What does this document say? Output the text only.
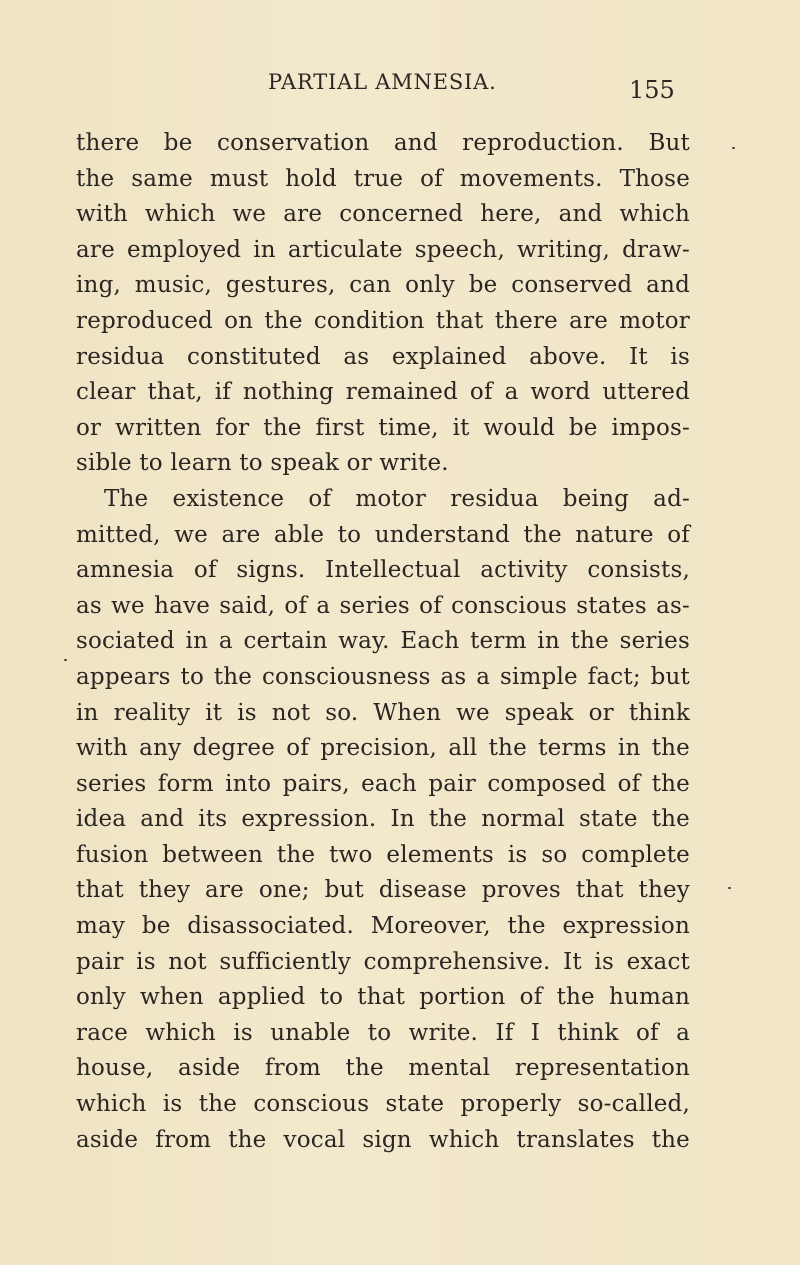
PARTIAL AMNESIA.	155
there be conservation and reproduction. But
the same must hold true of movements. Those
with which we are concerned here, and which
are employed in articulate speech, writing, draw-
ing, music, gestures, can only be conserved and
reproduced on the condition that there are motor
residua constituted as explained above. It is
clear that, if nothing remained of a word uttered
or written for the first time, it would be impos-
sible to learn to speak or write.
The existence of motor residua being ad-
mitted, we are able to understand the nature of
amnesia of signs. Intellectual activity consists,
as we have said, of a series of conscious states as-
sociated in a certain way. Each term in the series
appears to the consciousness as a simple fact; but
in reality it is not so. When we speak or think
with any degree of precision, all the terms in the
series form into pairs, each pair composed of the
idea and its expression. In the normal state the
fusion between the two elements is so complete
that they are one; but disease proves that they
may be disassociated. Moreover, the expression
pair is not sufficiently comprehensive. It is exact
only when applied to that portion of the human
race which is unable to write. If I think of a
house, aside from the mental representation
which is the conscious state properly so-called,
aside from the vocal sign which translates the
